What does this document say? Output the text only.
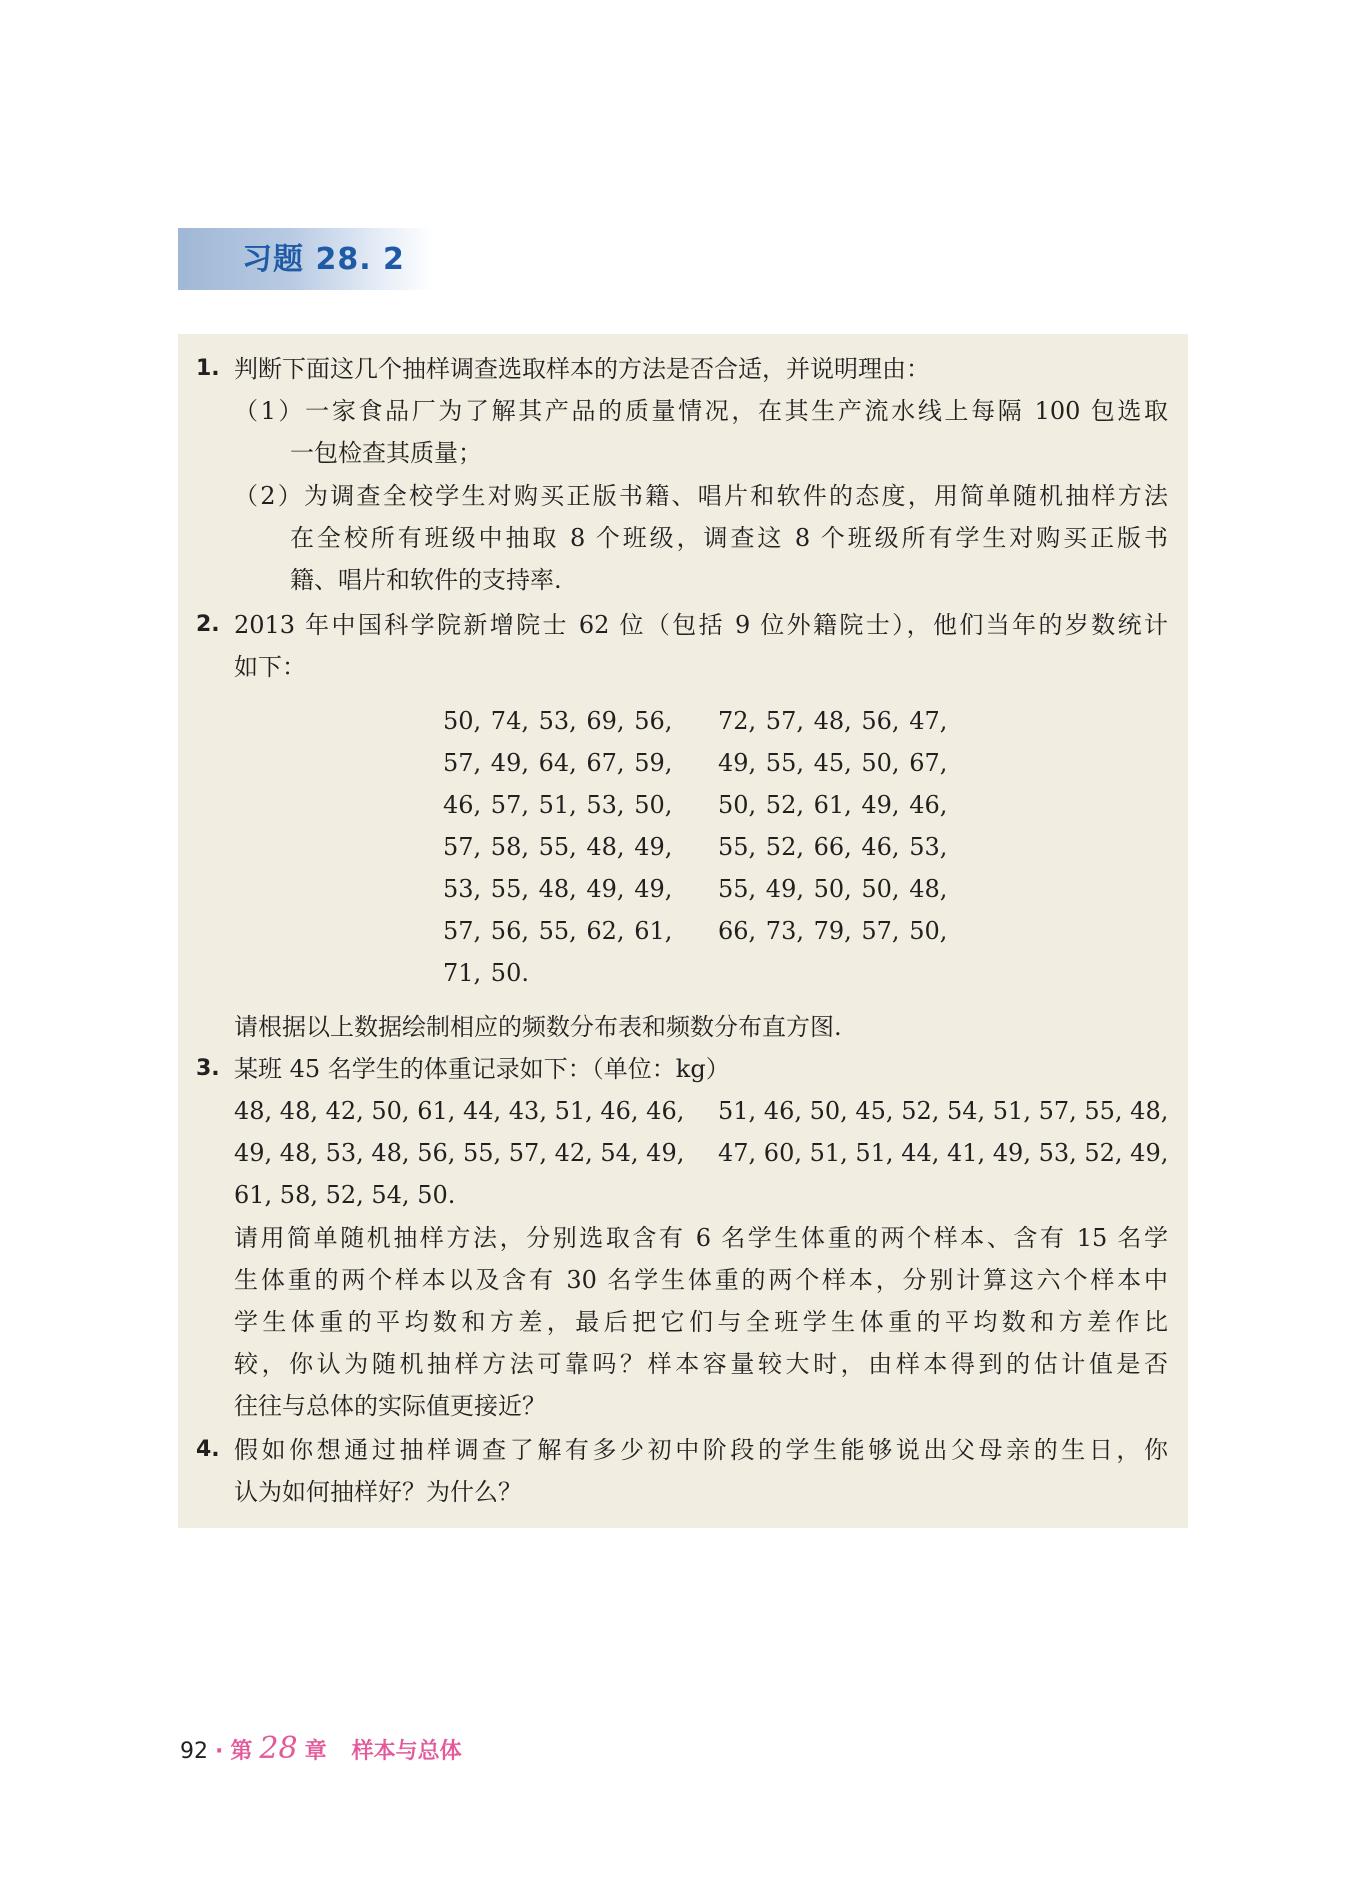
习题 28. 2
1. 判断下面这几个抽样调查选取样本的方法是否合适，并说明理由：
（1）一家食品厂为了解其产品的质量情况，在其生产流水线上每隔 100 包选取
一包检查其质量；
（2）为调查全校学生对购买正版书籍、唱片和软件的态度，用简单随机抽样方法
在全校所有班级中抽取 8 个班级，调查这 8 个班级所有学生对购买正版书
籍、唱片和软件的支持率.
2. 2013 年中国科学院新增院士 62 位（包括 9 位外籍院士），他们当年的岁数统计
如下：
50, 74, 53, 69, 56, 72, 57, 48, 56, 47,
57, 49, 64, 67, 59, 49, 55, 45, 50, 67,
46, 57, 51, 53, 50, 50, 52, 61, 49, 46,
57, 58, 55, 48, 49, 55, 52, 66, 46, 53,
53, 55, 48, 49, 49, 55, 49, 50, 50, 48,
57, 56, 55, 62, 61, 66, 73, 79, 57, 50,
71, 50.
请根据以上数据绘制相应的频数分布表和频数分布直方图.
3. 某班 45 名学生的体重记录如下：（单位：kg）
48, 48, 42, 50, 61, 44, 43, 51, 46, 46, 51, 46, 50, 45, 52, 54, 51, 57, 55, 48,
49, 48, 53, 48, 56, 55, 57, 42, 54, 49, 47, 60, 51, 51, 44, 41, 49, 53, 52, 49,
61, 58, 52, 54, 50.
请用简单随机抽样方法，分别选取含有 6 名学生体重的两个样本、含有 15 名学
生体重的两个样本以及含有 30 名学生体重的两个样本，分别计算这六个样本中
学生体重的平均数和方差，最后把它们与全班学生体重的平均数和方差作比
较，你认为随机抽样方法可靠吗？样本容量较大时，由样本得到的估计值是否
往往与总体的实际值更接近？
4. 假如你想通过抽样调查了解有多少初中阶段的学生能够说出父母亲的生日，你
认为如何抽样好？为什么？
92 · 第 28 章 样本与总体
